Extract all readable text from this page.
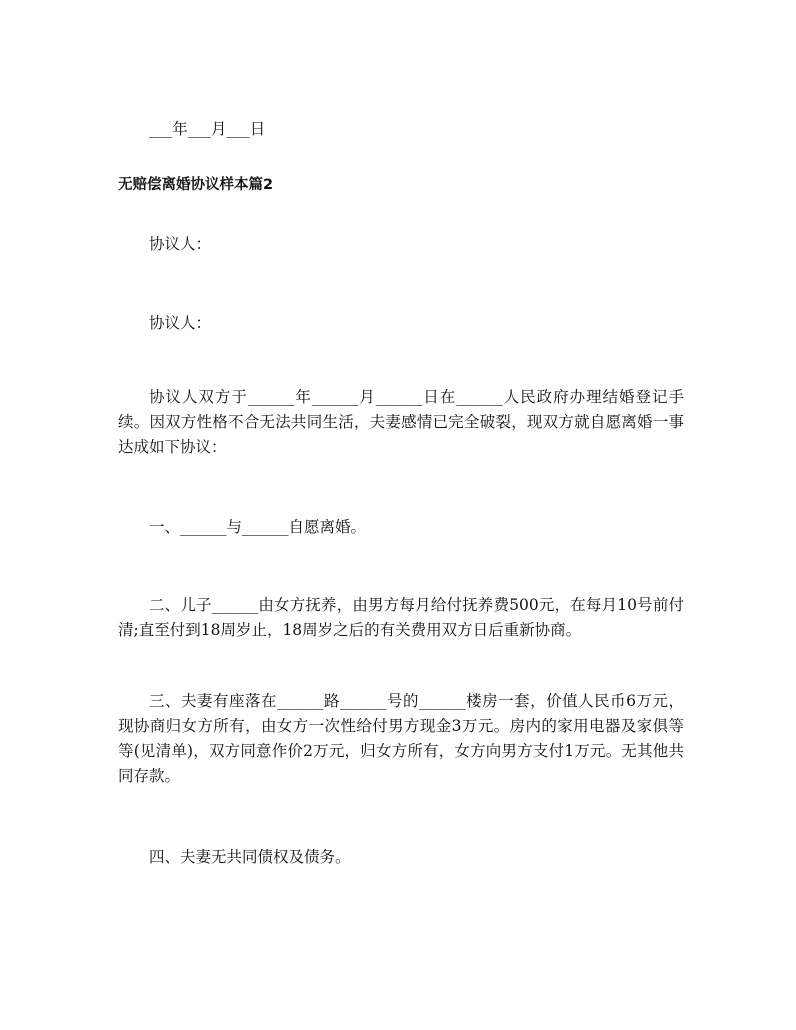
___年___月___日
无赔偿离婚协议样本篇2
协议人：
协议人：
协议人双方于______年______月______日在______人民政府办理结婚登记手续。因双方性格不合无法共同生活，夫妻感情已完全破裂，现双方就自愿离婚一事达成如下协议：
一、______与______自愿离婚。
二、儿子______由女方抚养，由男方每月给付抚养费500元，在每月10号前付清;直至付到18周岁止，18周岁之后的有关费用双方日后重新协商。
三、夫妻有座落在______路______号的______楼房一套，价值人民币6万元，现协商归女方所有，由女方一次性给付男方现金3万元。房内的家用电器及家俱等等(见清单)，双方同意作价2万元，归女方所有，女方向男方支付1万元。无其他共同存款。
四、夫妻无共同债权及债务。
